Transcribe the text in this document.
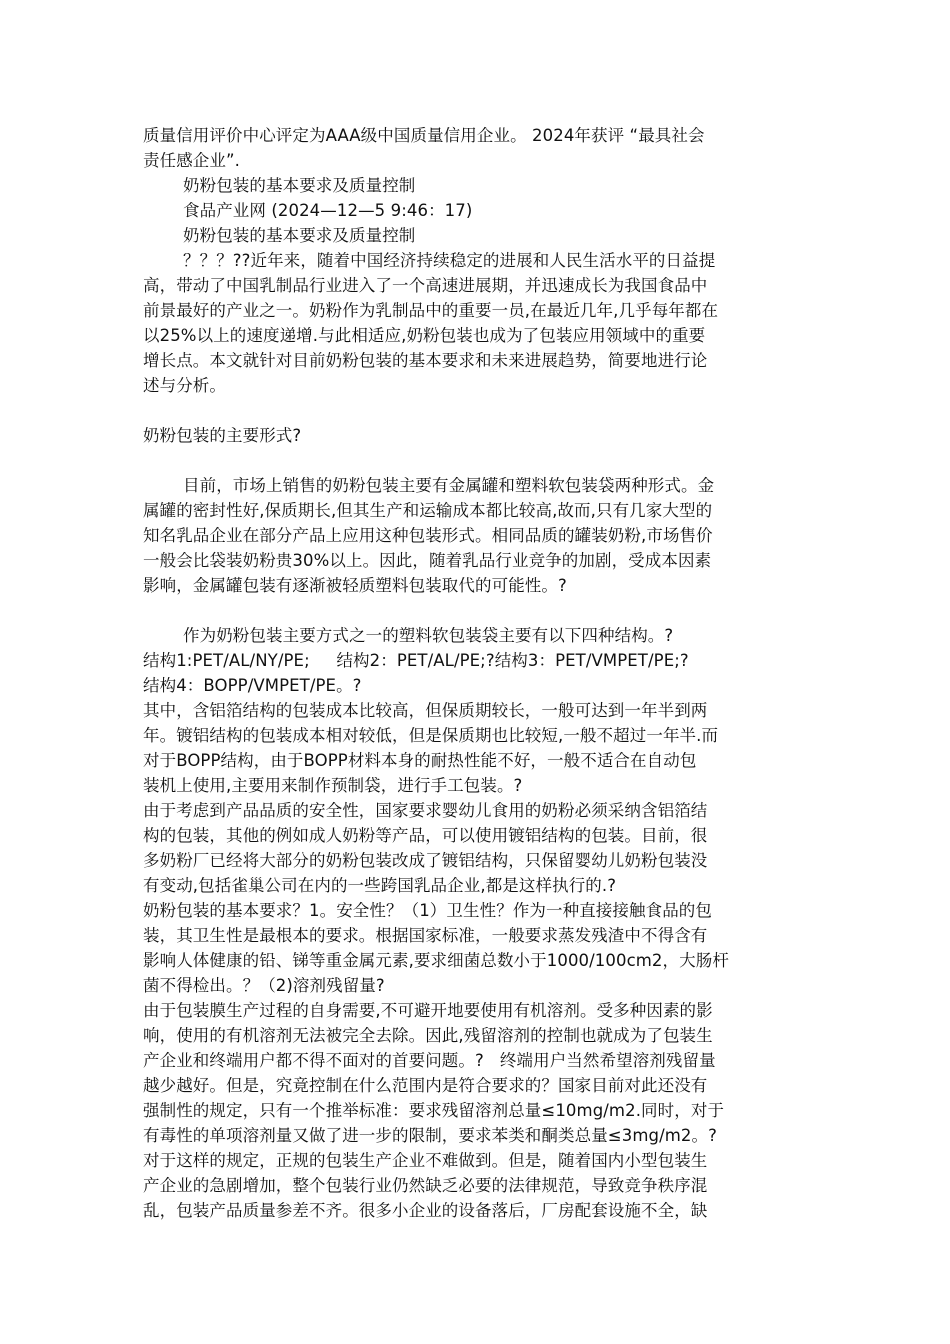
质量信用评价中心评定为AAA级中国质量信用企业。 2024年获评 “最具社会
责任感企业”.
奶粉包装的基本要求及质量控制
食品产业网 (2024—12—5 9:46：17)
奶粉包装的基本要求及质量控制
？？？??近年来，随着中国经济持续稳定的进展和人民生活水平的日益提
高，带动了中国乳制品行业进入了一个高速进展期，并迅速成长为我国食品中
前景最好的产业之一。奶粉作为乳制品中的重要一员,在最近几年,几乎每年都在
以25%以上的速度递增.与此相适应,奶粉包装也成为了包装应用领域中的重要
增长点。本文就针对目前奶粉包装的基本要求和未来进展趋势，简要地进行论
述与分析。
奶粉包装的主要形式?
目前，市场上销售的奶粉包装主要有金属罐和塑料软包装袋两种形式。金
属罐的密封性好,保质期长,但其生产和运输成本都比较高,故而,只有几家大型的
知名乳品企业在部分产品上应用这种包装形式。相同品质的罐装奶粉,市场售价
一般会比袋装奶粉贵30%以上。因此，随着乳品行业竞争的加剧，受成本因素
影响，金属罐包装有逐渐被轻质塑料包装取代的可能性。?
作为奶粉包装主要方式之一的塑料软包装袋主要有以下四种结构。?
结构1:PET/AL/NY/PE;     结构2：PET/AL/PE;?结构3：PET/VMPET/PE;?
结构4：BOPP/VMPET/PE。?
其中，含铝箔结构的包装成本比较高，但保质期较长，一般可达到一年半到两
年。镀铝结构的包装成本相对较低，但是保质期也比较短,一般不超过一年半.而
对于BOPP结构，由于BOPP材料本身的耐热性能不好，一般不适合在自动包
装机上使用,主要用来制作预制袋，进行手工包装。?
由于考虑到产品品质的安全性，国家要求婴幼儿食用的奶粉必须采纳含铝箔结
构的包装，其他的例如成人奶粉等产品，可以使用镀铝结构的包装。目前，很
多奶粉厂已经将大部分的奶粉包装改成了镀铝结构，只保留婴幼儿奶粉包装没
有变动,包括雀巢公司在内的一些跨国乳品企业,都是这样执行的.?
奶粉包装的基本要求？1。安全性？（1）卫生性？作为一种直接接触食品的包
装，其卫生性是最根本的要求。根据国家标准，一般要求蒸发残渣中不得含有
影响人体健康的铅、锑等重金属元素,要求细菌总数小于1000/100cm2，大肠杆
菌不得检出。？（2)溶剂残留量?
由于包装膜生产过程的自身需要,不可避开地要使用有机溶剂。受多种因素的影
响，使用的有机溶剂无法被完全去除。因此,残留溶剂的控制也就成为了包装生
产企业和终端用户都不得不面对的首要问题。?   终端用户当然希望溶剂残留量
越少越好。但是，究竟控制在什么范围内是符合要求的？国家目前对此还没有
强制性的规定，只有一个推举标准：要求残留溶剂总量≤10mg/m2.同时，对于
有毒性的单项溶剂量又做了进一步的限制，要求苯类和酮类总量≤3mg/m2。?
对于这样的规定，正规的包装生产企业不难做到。但是，随着国内小型包装生
产企业的急剧增加，整个包装行业仍然缺乏必要的法律规范，导致竞争秩序混
乱，包装产品质量参差不齐。很多小企业的设备落后，厂房配套设施不全，缺
